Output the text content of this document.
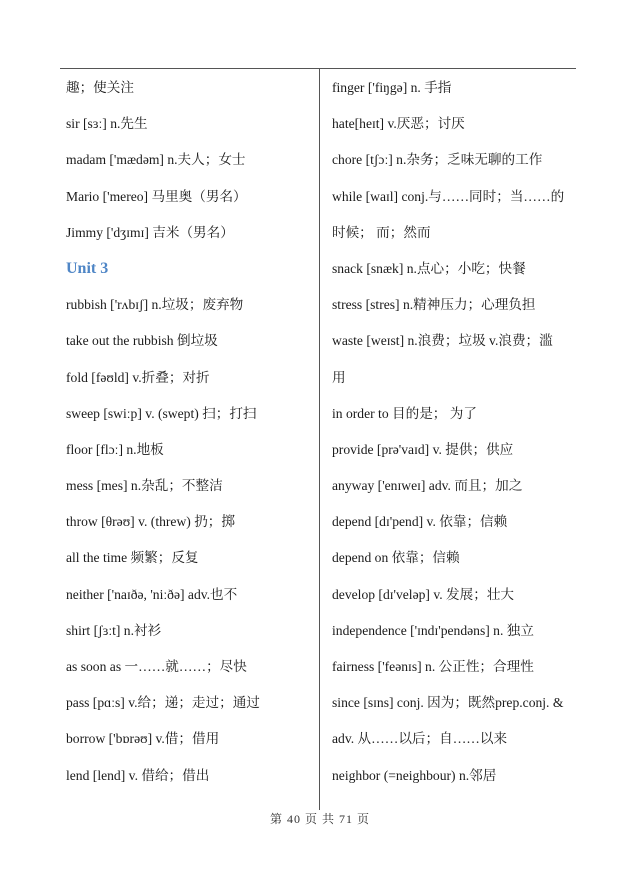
趣；使关注
sir [sɜː] n.先生
madam ['mædəm] n.夫人；女士
Mario ['mereo] 马里奥（男名）
Jimmy ['dʒɪmɪ] 吉米（男名）
Unit 3
rubbish ['rʌbɪʃ] n.垃圾；废弃物
take out the rubbish 倒垃圾
fold [fəʊld] v.折叠；对折
sweep [swiːp] v. (swept) 扫；打扫
floor [flɔː] n.地板
mess [mes] n.杂乱；不整洁
throw [θrəʊ] v. (threw) 扔；掷
all the time 频繁；反复
neither ['naɪðə, 'niːðə] adv.也不
shirt [ʃɜːt] n.衬衫
as soon as 一……就……；尽快
pass [pɑːs] v.给；递；走过；通过
borrow ['bɒrəʊ] v.借；借用
lend [lend] v. 借给；借出
finger ['fiŋgə] n. 手指
hate[heɪt] v.厌恶；讨厌
chore [tʃɔː] n.杂务；乏味无聊的工作
while [waɪl] conj.与……同时；当……的
时候； 而；然而
snack [snæk] n.点心；小吃；快餐
stress [stres] n.精神压力；心理负担
waste [weɪst] n.浪费；垃圾 v.浪费；滥
用
in order to 目的是； 为了
provide [prə'vaɪd] v. 提供；供应
anyway ['enɪweɪ] adv. 而且；加之
depend [dɪ'pend] v. 依靠；信赖
depend on 依靠；信赖
develop [dɪ'veləp] v. 发展；壮大
independence ['ɪndɪ'pendəns] n. 独立
fairness ['feənɪs] n. 公正性；合理性
since [sɪns] conj. 因为；既然prep.conj. &
adv. 从……以后；自……以来
neighbor (=neighbour) n.邻居
第 40 页 共 71 页
